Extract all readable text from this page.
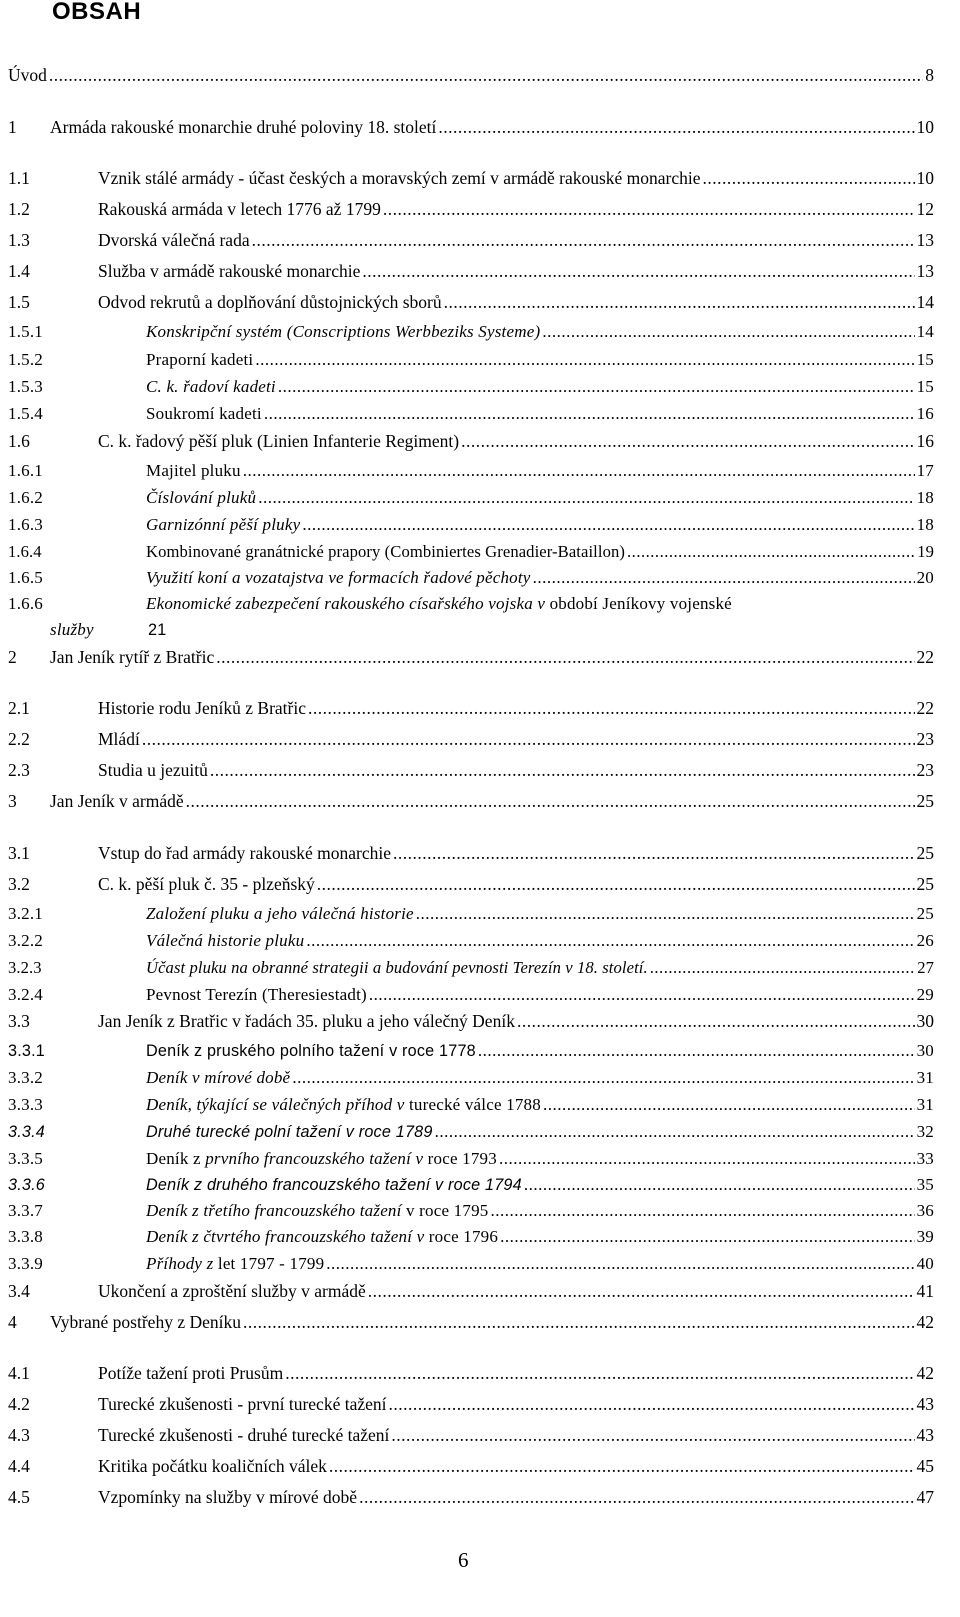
OBSAH
Úvod .....	8
1 Armáda rakouské monarchie druhé poloviny 18. století .....	10
1.1	Vznik stálé armády - účast českých a moravských zemí v armádě rakouské monarchie .....	10
1.2	Rakouská armáda v letech 1776 až 1799 .....	12
1.3	Dvorská válečná rada .....	13
1.4	Služba v armádě rakouské monarchie .....	13
1.5	Odvod rekrutů a doplňování důstojnických sborů .....	14
1.5.1	Konskripční systém (Conscriptions Werbbeziks Systeme) .....	14
1.5.2	Praporní kadeti .....	15
1.5.3	C. k. řadoví kadeti .....	15
1.5.4	Soukromí kadeti .....	16
1.6	C. k. řadový pěší pluk (Linien Infanterie Regiment) .....	16
1.6.1	Majitel pluku .....	17
1.6.2	Číslování pluků .....	18
1.6.3	Garnizónní pěší pluky .....	18
1.6.4	Kombinované granátnické prapory (Combiniertes Grenadier-Bataillon) .....	19
1.6.5	Využití koní a vozatajstva ve formacích řadové pěchoty .....	20
1.6.6	Ekonomické zabezpečení rakouského císařského vojska v období Jeníkovy vojenské
služby	21
2 Jan Jeník rytíř z Bratřic .....	22
2.1	Historie rodu Jeníků z Bratřic .....	22
2.2	Mládí .....	23
2.3	Studia u jezuitů .....	23
3 Jan Jeník v armádě .....	25
3.1	Vstup do řad armády rakouské monarchie .....	25
3.2	C. k. pěší pluk č. 35 - plzeňský .....	25
3.2.1	Založení pluku a jeho válečná historie .....	25
3.2.2	Válečná historie pluku .....	26
3.2.3	Účast pluku na obranné strategii a budování pevnosti Terezín v 18. století. .....	27
3.2.4	Pevnost Terezín (Theresiestadt) .....	29
3.3	Jan Jeník z Bratřic v řadách 35. pluku a jeho válečný Deník .....	30
3.3.1	Deník z pruského polního tažení v roce 1778 .....	30
3.3.2	Deník v mírové době .....	31
3.3.3	Deník, týkající se válečných příhod v turecké válce 1788 .....	31
3.3.4	Druhé turecké polní tažení v roce 1789 .....	32
3.3.5	Deník z prvního francouzského tažení v roce 1793 .....	33
3.3.6	Deník z druhého francouzského tažení v roce 1794 .....	35
3.3.7	Deník z třetího francouzského tažení v roce 1795 .....	36
3.3.8	Deník z čtvrtého francouzského tažení v roce 1796 .....	39
3.3.9	Příhody z let 1797 - 1799 .....	40
3.4	Ukončení a zproštění služby v armádě .....	41
4 Vybrané postřehy z Deníku .....	42
4.1	Potíže tažení proti Prusům .....	42
4.2	Turecké zkušenosti - první turecké tažení .....	43
4.3	Turecké zkušenosti - druhé turecké tažení .....	43
4.4	Kritika počátku koaličních válek .....	45
4.5	Vzpomínky na služby v mírové době .....	47
6
